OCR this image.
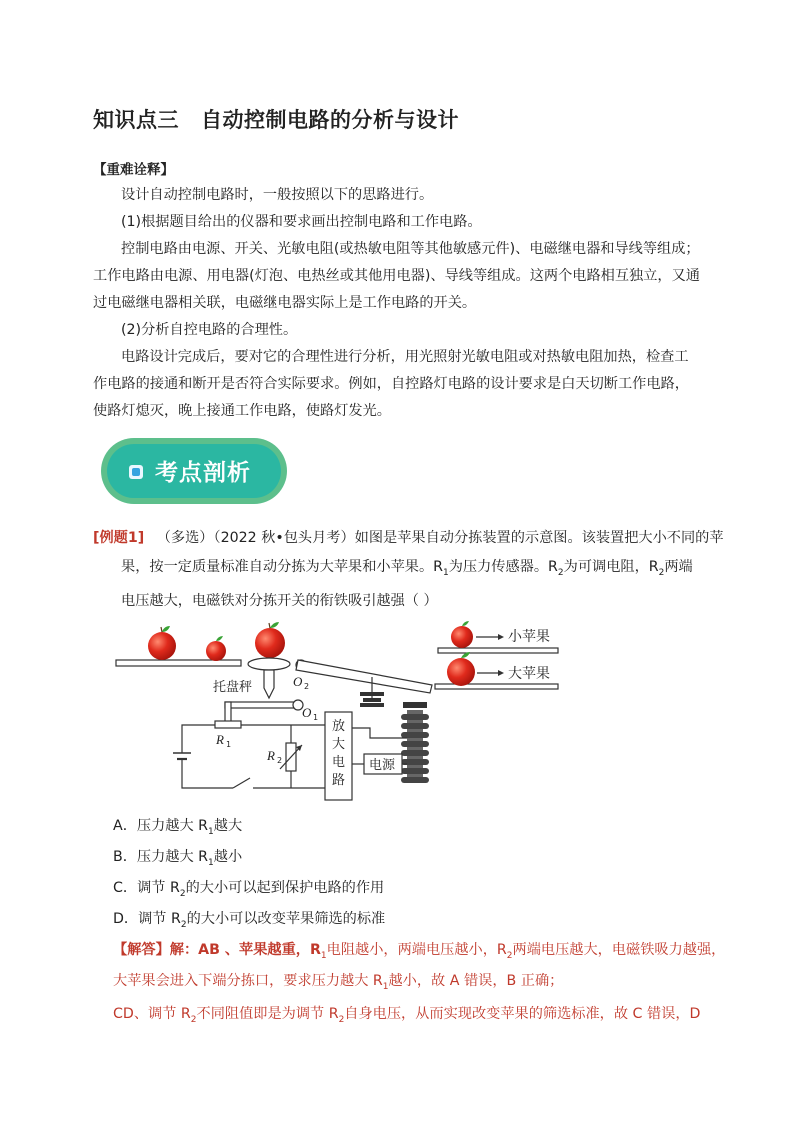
知识点三 自动控制电路的分析与设计
【重难诠释】
设计自动控制电路时，一般按照以下的思路进行。
(1)根据题目给出的仪器和要求画出控制电路和工作电路。
控制电路由电源、开关、光敏电阻(或热敏电阻等其他敏感元件)、电磁继电器和导线等组成；工作电路由电源、用电器(灯泡、电热丝或其他用电器)、导线等组成。这两个电路相互独立，又通过电磁继电器相关联，电磁继电器实际上是工作电路的开关。
(2)分析自控电路的合理性。
电路设计完成后，要对它的合理性进行分析，用光照射光敏电阻或对热敏电阻加热，检查工作电路的接通和断开是否符合实际要求。例如，自控路灯电路的设计要求是白天切断工作电路，使路灯熄灭，晚上接通工作电路，使路灯发光。
考点剖析
[例题1] （多选）（2022 秋•包头月考）如图是苹果自动分拣装置的示意图。该装置把大小不同的苹
果，按一定质量标准自动分拣为大苹果和小苹果。$R_1$为压力传感器。$R_2$为可调电阻，$R_2$两端
电压越大，电磁铁对分拣开关的衔铁吸引越强（ ）
托盘秤	O 2
小苹果
大苹果
O 1
R 1
R 2
放
大
电
路
电源
A．压力越大 $R_1$越大
B．压力越大 $R_1$越小
C．调节 $R_2$的大小可以起到保护电路的作用
D．调节 $R_2$的大小可以改变苹果筛选的标准
【解答】解：AB 、苹果越重，$R_1$电阻越小，两端电压越小，$R_2$两端电压越大，电磁铁吸力越强，
大苹果会进入下端分拣口，要求压力越大 $R_1$越小，故 A 错误，B 正确；
CD、调节 $R_2$不同阻值即是为调节 $R_2$自身电压，从而实现改变苹果的筛选标准，故 C 错误，D
